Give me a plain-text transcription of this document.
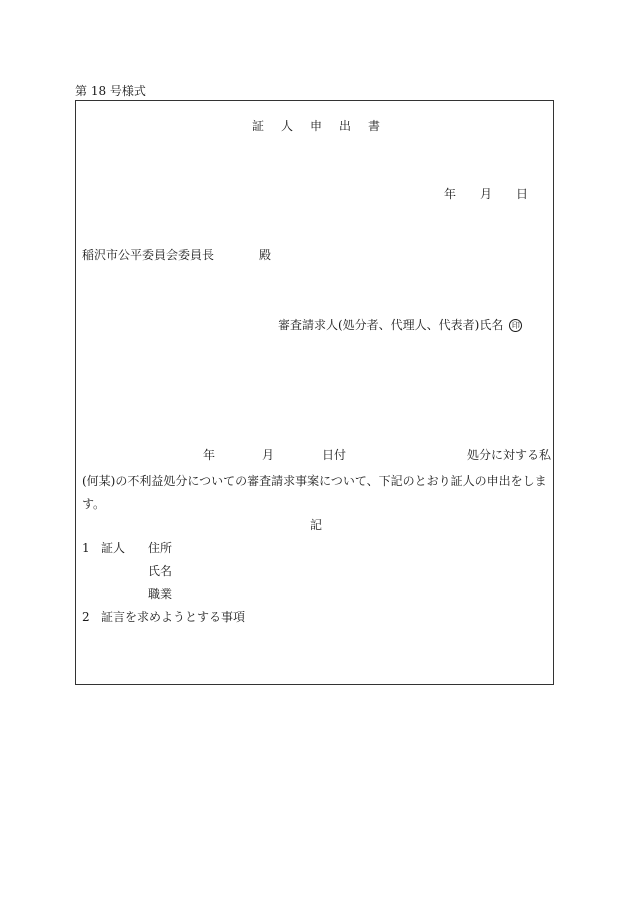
第 18 号様式
証 人 申 出 書
年 月 日
稲沢市公平委員会委員長	殿
審査請求人(処分者、代理人、代表者)氏名 印
年	月	日付	処分に対する私
(何某)の不利益処分についての審査請求事案について、下記のとおり証人の申出をします。
記
1 証人 住所
氏名
職業
2 証言を求めようとする事項
